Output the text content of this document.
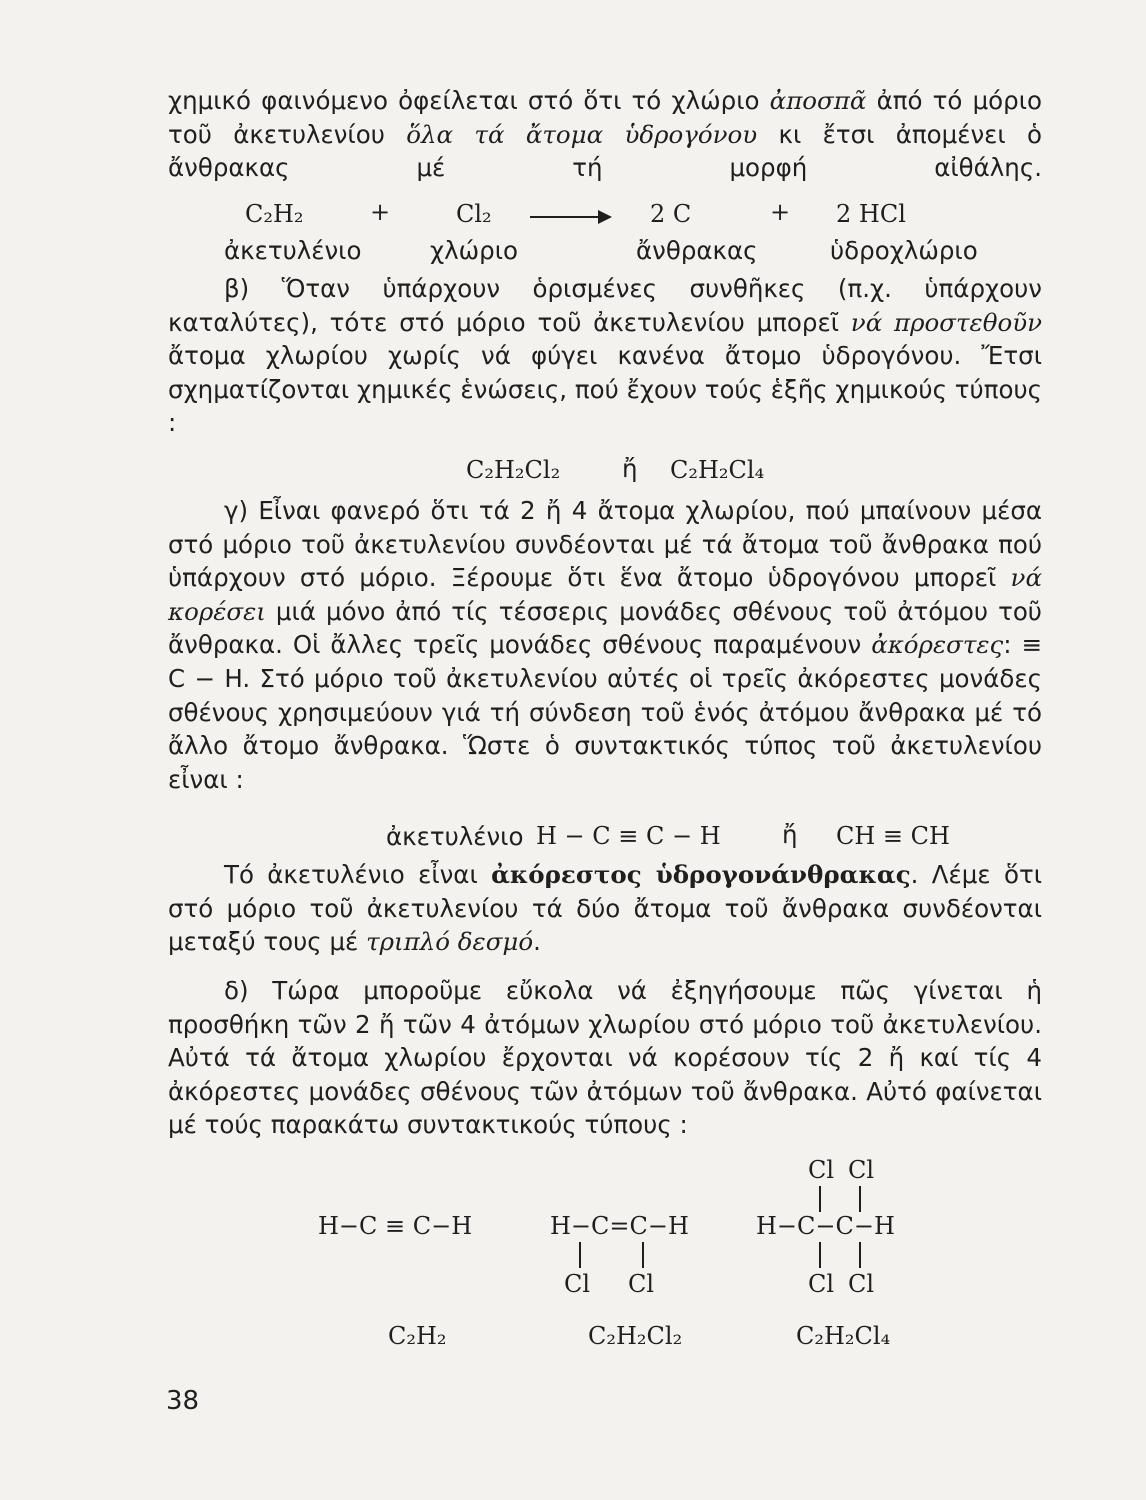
χημικό φαινόμενο ὀφείλεται στό ὅτι τό χλώριο ἀποσπᾶ ἀπό τό μόριο τοῦ ἀκετυλενίου ὅλα τά ἄτομα ὑδρογόνου κι ἔτσι ἀπομένει ὁ ἄνθρακας μέ τή μορφή αἰθάλης.
C₂H₂	+	Cl₂	2 C	+ 2 HCl
ἀκετυλένιο	χλώριο	ἄνθρακας	ὑδροχλώριο
β) Ὅταν ὑπάρχουν ὁρισμένες συνθῆκες (π.χ. ὑπάρχουν καταλύτες), τότε στό μόριο τοῦ ἀκετυλενίου μπορεῖ νά προστεθοῦν ἄτομα χλωρίου χωρίς νά φύγει κανένα ἄτομο ὑδρογόνου. Ἔτσι σχηματίζονται χημικές ἑνώσεις, πού ἔχουν τούς ἑξῆς χημικούς τύπους :
C₂H₂Cl₂	ἤ C₂H₂Cl₄
γ) Εἶναι φανερό ὅτι τά 2 ἤ 4 ἄτομα χλωρίου, πού μπαίνουν μέσα στό μόριο τοῦ ἀκετυλενίου συνδέονται μέ τά ἄτομα τοῦ ἄνθρακα πού ὑπάρχουν στό μόριο. Ξέρουμε ὅτι ἕνα ἄτομο ὑδρογόνου μπορεῖ νά κορέσει μιά μόνο ἀπό τίς τέσσερις μονάδες σθένους τοῦ ἀτόμου τοῦ ἄνθρακα. Οἱ ἄλλες τρεῖς μονάδες σθένους παραμένουν ἀκόρεστες: ≡ C − H. Στό μόριο τοῦ ἀκετυλενίου αὐτές οἱ τρεῖς ἀκόρεστες μονάδες σθένους χρησιμεύουν γιά τή σύνδεση τοῦ ἑνός ἀτόμου ἄνθρακα μέ τό ἄλλο ἄτομο ἄνθρακα. Ὥστε ὁ συντακτικός τύπος τοῦ ἀκετυλενίου εἶναι :
ἀκετυλένιο H − C ≡ C − H	ἤ CH ≡ CH
Τό ἀκετυλένιο εἶναι ἀκόρεστος ὑδρογονάνθρακας. Λέμε ὅτι στό μόριο τοῦ ἀκετυλενίου τά δύο ἄτομα τοῦ ἄνθρακα συνδέονται μεταξύ τους μέ τριπλό δεσμό.
δ) Τώρα μποροῦμε εὔκολα νά ἐξηγήσουμε πῶς γίνεται ἡ προσθήκη τῶν 2 ἤ τῶν 4 ἀτόμων χλωρίου στό μόριο τοῦ ἀκετυλενίου. Αὐτά τά ἄτομα χλωρίου ἔρχονται νά κορέσουν τίς 2 ἤ καί τίς 4 ἀκόρεστες μονάδες σθένους τῶν ἀτόμων τοῦ ἄνθρακα. Αὐτό φαίνεται μέ τούς παρακάτω συντακτικούς τύπους :
H−C ≡ C−H
C₂H₂
H−C=C−H
Cl Cl
C₂H₂Cl₂
Cl Cl
H−C−C−H
Cl Cl
C₂H₂Cl₄
38
